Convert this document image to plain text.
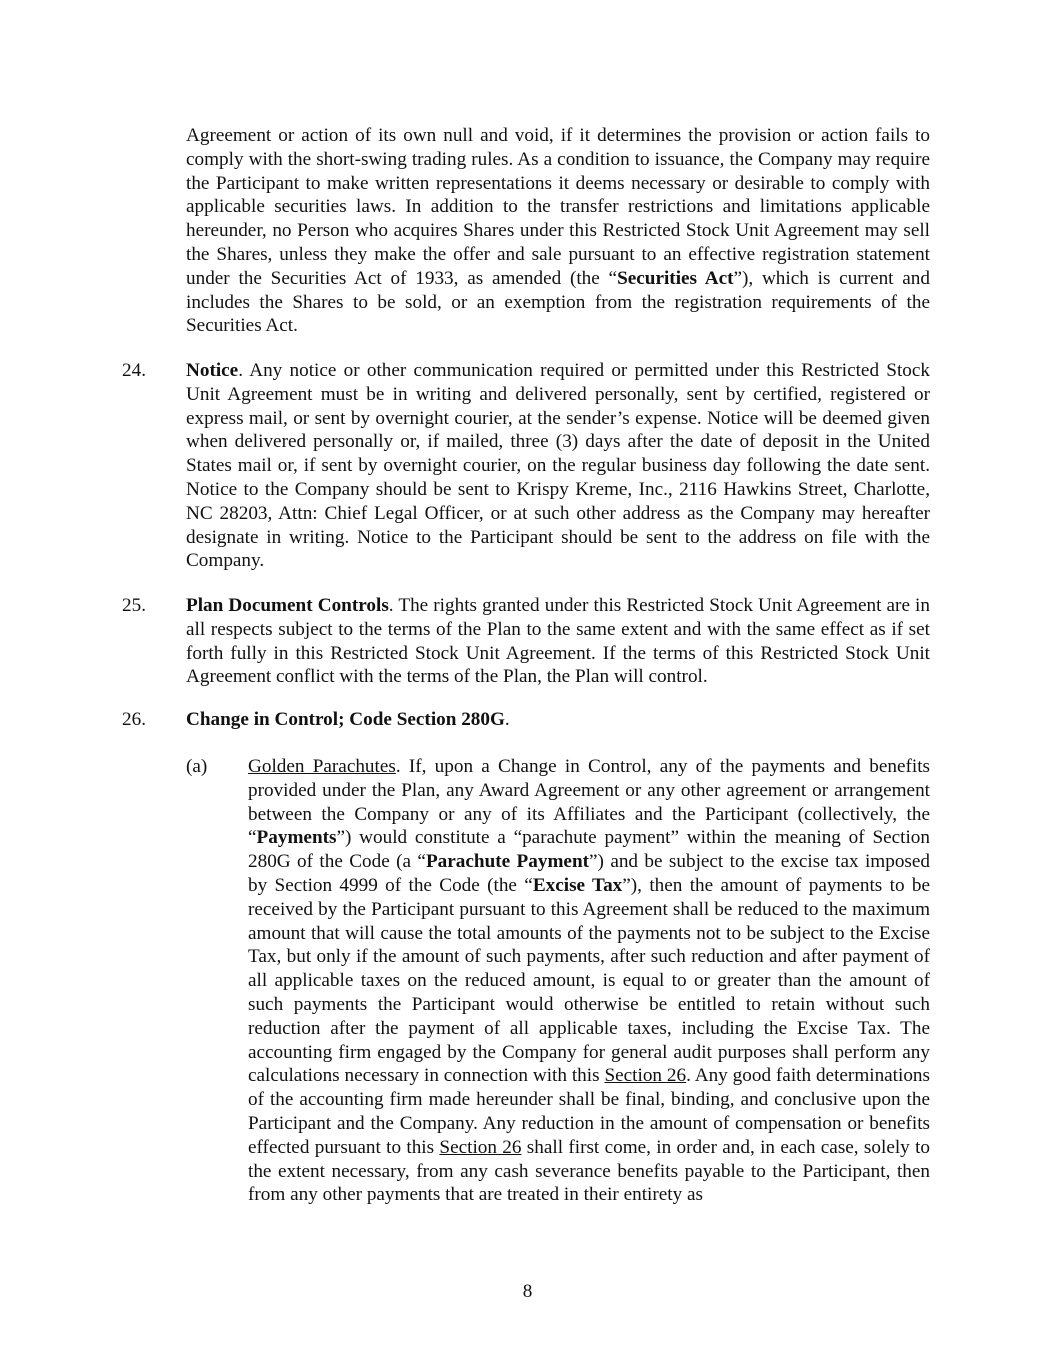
Agreement or action of its own null and void, if it determines the provision or action fails to comply with the short-swing trading rules. As a condition to issuance, the Company may require the Participant to make written representations it deems necessary or desirable to comply with applicable securities laws. In addition to the transfer restrictions and limitations applicable hereunder, no Person who acquires Shares under this Restricted Stock Unit Agreement may sell the Shares, unless they make the offer and sale pursuant to an effective registration statement under the Securities Act of 1933, as amended (the “Securities Act”), which is current and includes the Shares to be sold, or an exemption from the registration requirements of the Securities Act.

24. Notice. Any notice or other communication required or permitted under this Restricted Stock Unit Agreement must be in writing and delivered personally, sent by certified, registered or express mail, or sent by overnight courier, at the sender’s expense. Notice will be deemed given when delivered personally or, if mailed, three (3) days after the date of deposit in the United States mail or, if sent by overnight courier, on the regular business day following the date sent. Notice to the Company should be sent to Krispy Kreme, Inc., 2116 Hawkins Street, Charlotte, NC 28203, Attn: Chief Legal Officer, or at such other address as the Company may hereafter designate in writing. Notice to the Participant should be sent to the address on file with the Company.

25. Plan Document Controls. The rights granted under this Restricted Stock Unit Agreement are in all respects subject to the terms of the Plan to the same extent and with the same effect as if set forth fully in this Restricted Stock Unit Agreement. If the terms of this Restricted Stock Unit Agreement conflict with the terms of the Plan, the Plan will control.

26. Change in Control; Code Section 280G.

(a) Golden Parachutes. If, upon a Change in Control, any of the payments and benefits provided under the Plan, any Award Agreement or any other agreement or arrangement between the Company or any of its Affiliates and the Participant (collectively, the “Payments”) would constitute a “parachute payment” within the meaning of Section 280G of the Code (a “Parachute Payment”) and be subject to the excise tax imposed by Section 4999 of the Code (the “Excise Tax”), then the amount of payments to be received by the Participant pursuant to this Agreement shall be reduced to the maximum amount that will cause the total amounts of the payments not to be subject to the Excise Tax, but only if the amount of such payments, after such reduction and after payment of all applicable taxes on the reduced amount, is equal to or greater than the amount of such payments the Participant would otherwise be entitled to retain without such reduction after the payment of all applicable taxes, including the Excise Tax. The accounting firm engaged by the Company for general audit purposes shall perform any calculations necessary in connection with this Section 26. Any good faith determinations of the accounting firm made hereunder shall be final, binding, and conclusive upon the Participant and the Company. Any reduction in the amount of compensation or benefits effected pursuant to this Section 26 shall first come, in order and, in each case, solely to the extent necessary, from any cash severance benefits payable to the Participant, then from any other payments that are treated in their entirety as

8
